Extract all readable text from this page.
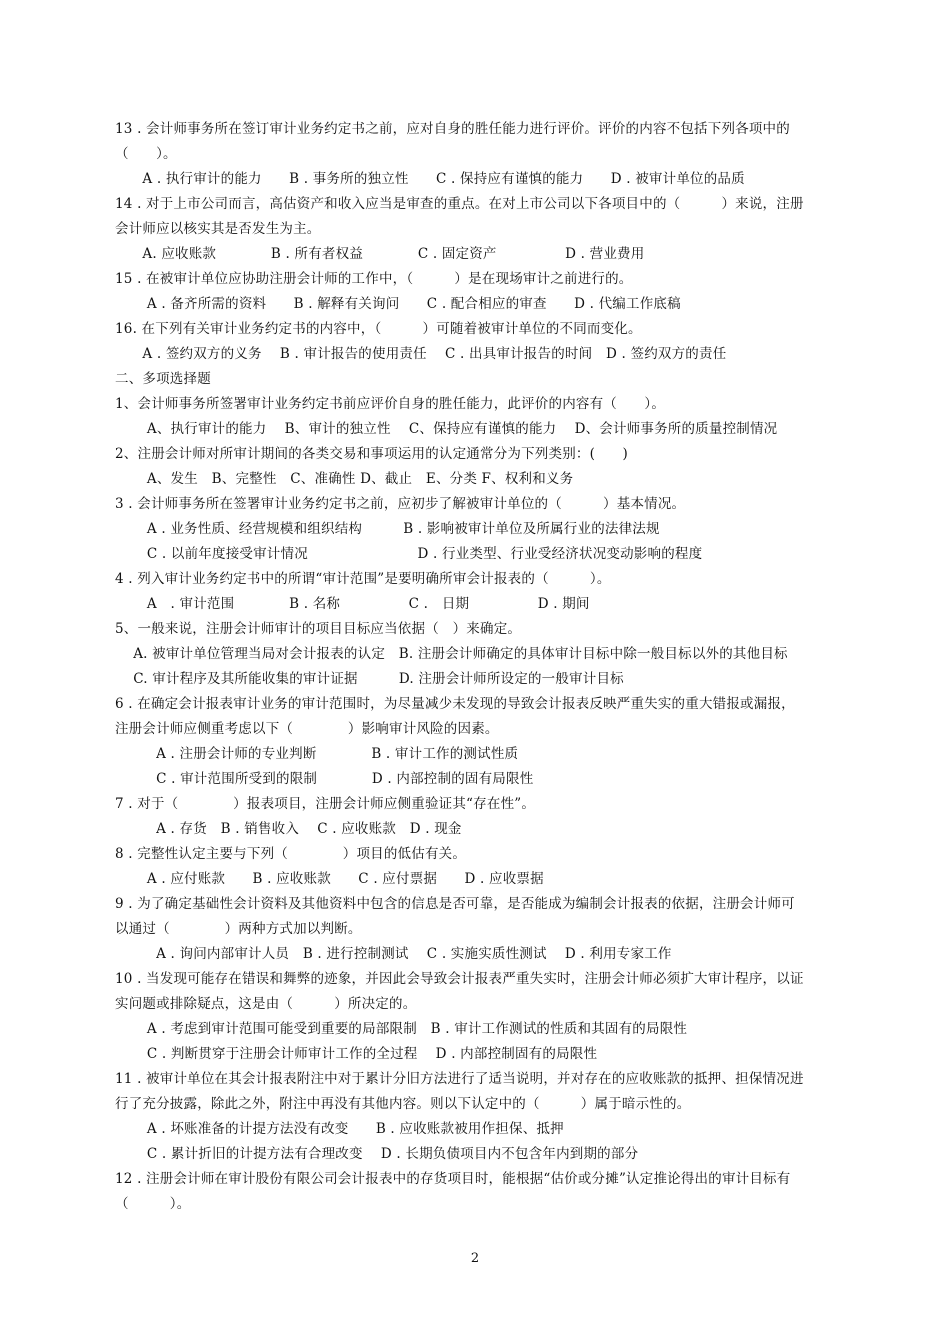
13 . 会计师事务所在签订审计业务约定书之前，应对自身的胜任能力进行评价。评价的内容不包括下列各项中的
（　　）。
　　A . 执行审计的能力　　B . 事务所的独立性　　C . 保持应有谨慎的能力　　D . 被审计单位的品质
14 . 对于上市公司而言，高估资产和收入应当是审查的重点。在对上市公司以下各项目中的（　　　）来说，注册
会计师应以核实其是否发生为主。
　　A. 应收账款　　　　B . 所有者权益　　　　C . 固定资产　　　　　D . 营业费用
15 . 在被审计单位应协助注册会计师的工作中，（　　　）是在现场审计之前进行的。
　　 A . 备齐所需的资料　　B . 解释有关询问　　C . 配合相应的审查　　D . 代编工作底稿
16. 在下列有关审计业务约定书的内容中，（　　　）可随着被审计单位的不同而变化。
　　A . 签约双方的义务　 B . 审计报告的使用责任　 C . 出具审计报告的时间　D . 签约双方的责任
二、多项选择题
1、会计师事务所签署审计业务约定书前应评价自身的胜任能力，此评价的内容有（　　）。
　　 A、执行审计的能力　 B、审计的独立性　 C、保持应有谨慎的能力　 D、会计师事务所的质量控制情况
2、注册会计师对所审计期间的各类交易和事项运用的认定通常分为下列类别：(　　)
　　 A、发生　B、完整性　C、准确性 D、截止　E、分类 F、权利和义务
3 . 会计师事务所在签署审计业务约定书之前，应初步了解被审计单位的（　　　）基本情况。
　　 A . 业务性质、经营规模和组织结构　　　B . 影响被审计单位及所属行业的法律法规
　　 C . 以前年度接受审计情况　　　　　　　　D . 行业类型、行业受经济状况变动影响的程度
4 . 列入审计业务约定书中的所谓“审计范围”是要明确所审会计报表的（　　　）。
　　 A　. 审计范围　　　　B . 名称　　　　　C .　日期　　　　　D . 期间
5、一般来说，注册会计师审计的项目目标应当依据（　）来确定。
　 A. 被审计单位管理当局对会计报表的认定　B. 注册会计师确定的具体审计目标中除一般目标以外的其他目标
　 C. 审计程序及其所能收集的审计证据　　　D. 注册会计师所设定的一般审计目标
6 . 在确定会计报表审计业务的审计范围时，为尽量减少未发现的导致会计报表反映严重失实的重大错报或漏报，
注册会计师应侧重考虑以下（　　　　）影响审计风险的因素。
　　　A . 注册会计师的专业判断　　　　B . 审计工作的测试性质
　　　C . 审计范围所受到的限制　　　　D . 内部控制的固有局限性
7 . 对于（　　　　）报表项目，注册会计师应侧重验证其“存在性”。
　　　A . 存货　B . 销售收入　 C . 应收账款　D . 现金
8 . 完整性认定主要与下列（　　　　）项目的低估有关。
　　 A . 应付账款　　B . 应收账款　　C . 应付票据　　D . 应收票据
9 . 为了确定基础性会计资料及其他资料中包含的信息是否可靠，是否能成为编制会计报表的依据，注册会计师可
以通过（　　　　）两种方式加以判断。
　　　A . 询问内部审计人员　B . 进行控制测试　 C . 实施实质性测试　 D . 利用专家工作
10 . 当发现可能存在错误和舞弊的迹象，并因此会导致会计报表严重失实时，注册会计师必须扩大审计程序，以证
实问题或排除疑点，这是由（　　　）所决定的。
　　 A . 考虑到审计范围可能受到重要的局部限制　B . 审计工作测试的性质和其固有的局限性
　　 C . 判断贯穿于注册会计师审计工作的全过程　 D . 内部控制固有的局限性
11 . 被审计单位在其会计报表附注中对于累计分旧方法进行了适当说明，并对存在的应收账款的抵押、担保情况进
行了充分披露，除此之外，附注中再没有其他内容。则以下认定中的（　　　）属于暗示性的。
　　 A . 坏账准备的计提方法没有改变　　B . 应收账款被用作担保、抵押
　　 C . 累计折旧的计提方法有合理改变　 D . 长期负债项目内不包含年内到期的部分
12 . 注册会计师在审计股份有限公司会计报表中的存货项目时，能根据“估价或分摊”认定推论得出的审计目标有
（　　　）。
2
